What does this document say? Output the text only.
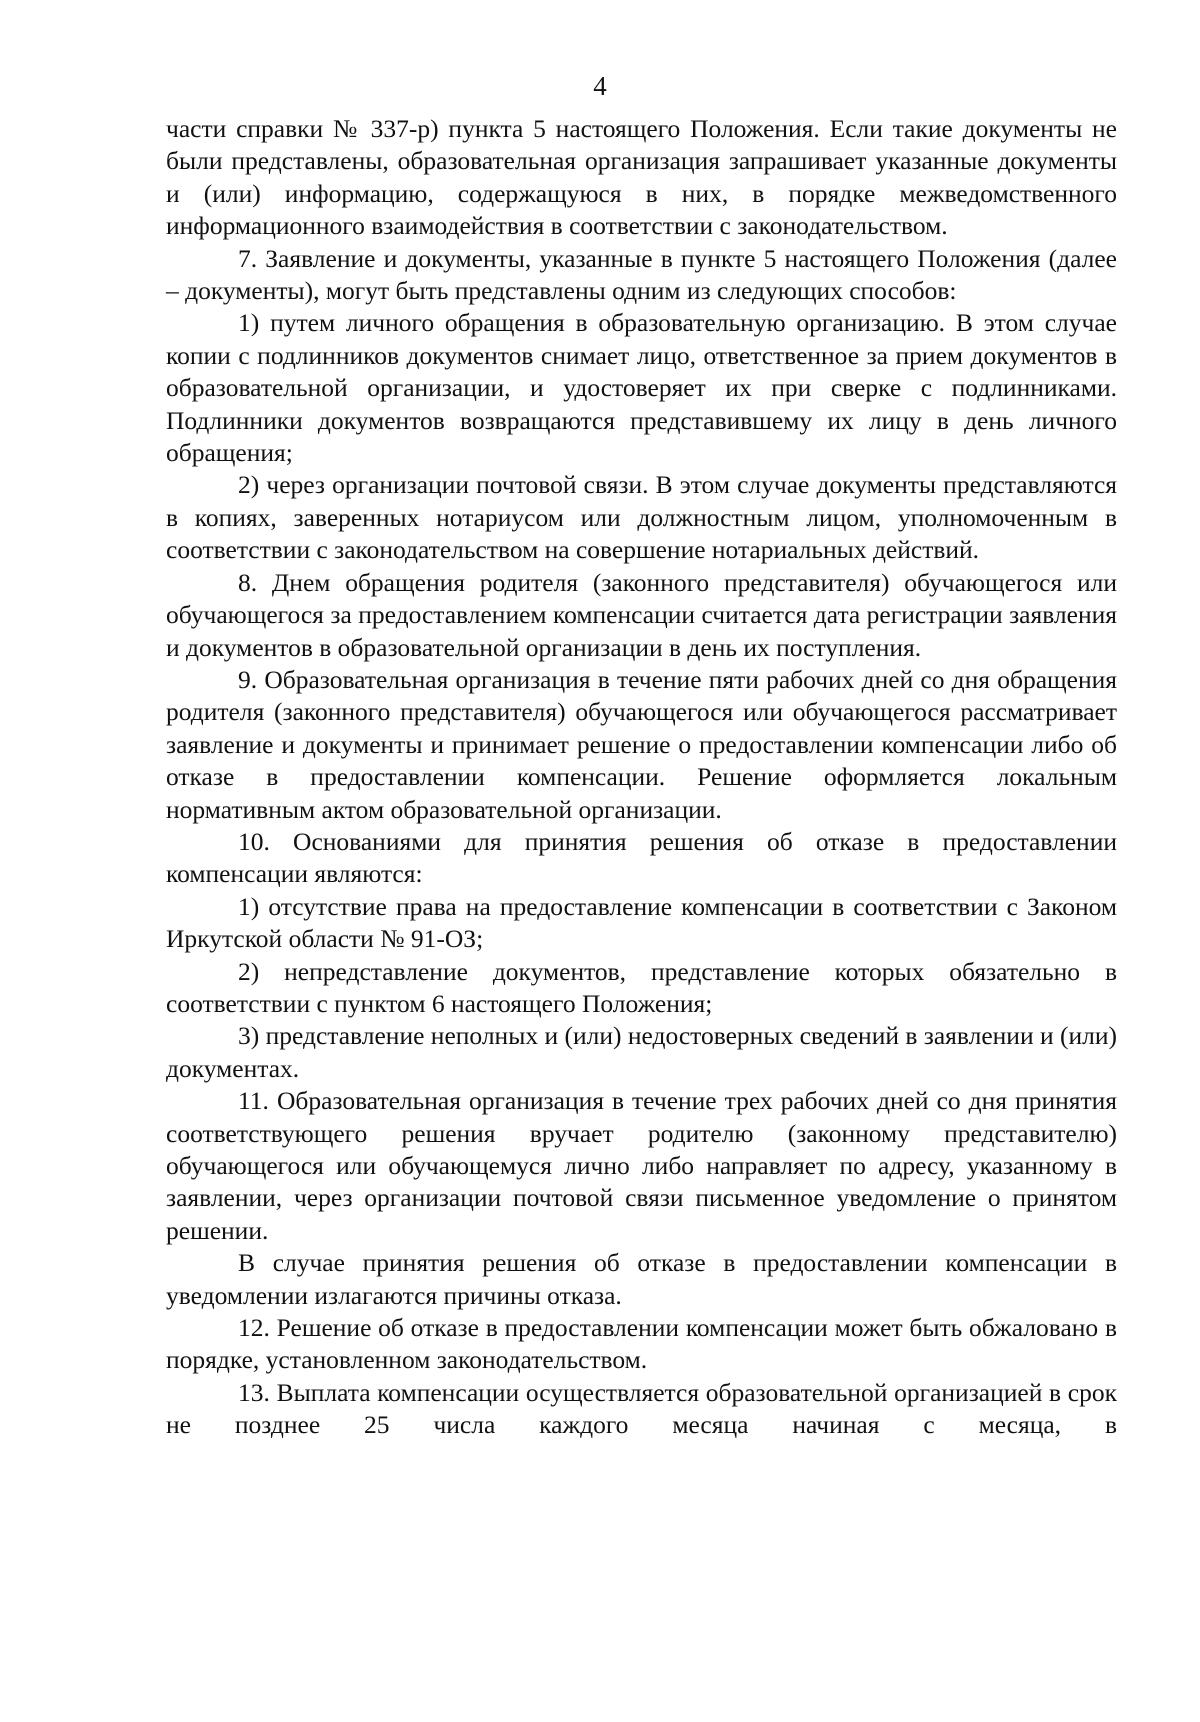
4

части справки № 337-р) пункта 5 настоящего Положения. Если такие документы не были представлены, образовательная организация запрашивает указанные документы и (или) информацию, содержащуюся в них, в порядке межведомственного информационного взаимодействия в соответствии с законодательством.

7. Заявление и документы, указанные в пункте 5 настоящего Положения (далее – документы), могут быть представлены одним из следующих способов:

1) путем личного обращения в образовательную организацию. В этом случае копии с подлинников документов снимает лицо, ответственное за прием документов в образовательной организации, и удостоверяет их при сверке с подлинниками. Подлинники документов возвращаются представившему их лицу в день личного обращения;

2) через организации почтовой связи. В этом случае документы представляются в копиях, заверенных нотариусом или должностным лицом, уполномоченным в соответствии с законодательством на совершение нотариальных действий.

8. Днем обращения родителя (законного представителя) обучающегося или обучающегося за предоставлением компенсации считается дата регистрации заявления и документов в образовательной организации в день их поступления.

9. Образовательная организация в течение пяти рабочих дней со дня обращения родителя (законного представителя) обучающегося или обучающегося рассматривает заявление и документы и принимает решение о предоставлении компенсации либо об отказе в предоставлении компенсации. Решение оформляется локальным нормативным актом образовательной организации.

10. Основаниями для принятия решения об отказе в предоставлении компенсации являются:

1) отсутствие права на предоставление компенсации в соответствии с Законом Иркутской области № 91-ОЗ;

2) непредставление документов, представление которых обязательно в соответствии с пунктом 6 настоящего Положения;

3) представление неполных и (или) недостоверных сведений в заявлении и (или) документах.

11. Образовательная организация в течение трех рабочих дней со дня принятия соответствующего решения вручает родителю (законному представителю) обучающегося или обучающемуся лично либо направляет по адресу, указанному в заявлении, через организации почтовой связи письменное уведомление о принятом решении.

В случае принятия решения об отказе в предоставлении компенсации в уведомлении излагаются причины отказа.

12. Решение об отказе в предоставлении компенсации может быть обжаловано в порядке, установленном законодательством.

13. Выплата компенсации осуществляется образовательной организацией в срок не позднее 25 числа каждого месяца начиная с месяца, в
